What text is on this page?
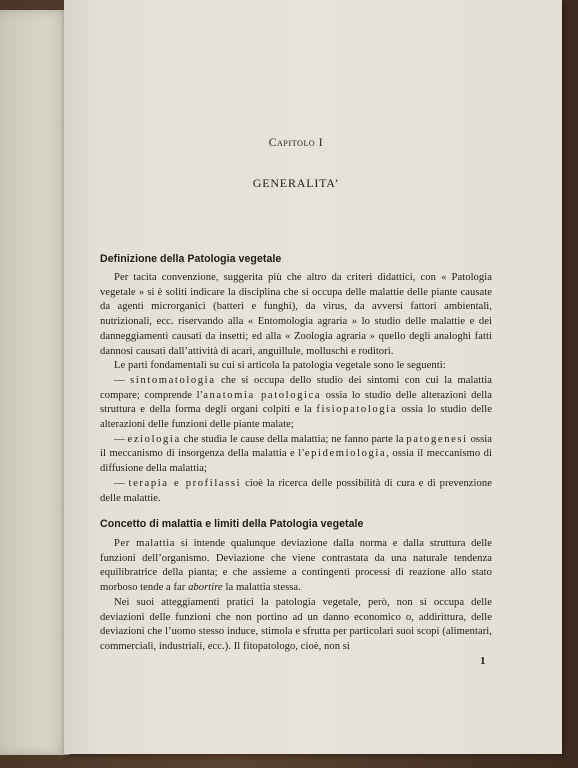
Capitolo I
GENERALITA’
Definizione della Patologia vegetale

Per tacita convenzione, suggerita più che altro da criteri didattici, con « Patologia vegetale » si è soliti indicare la disciplina che si occupa delle malattie delle piante causate da agenti microrganici (batteri e funghi), da virus, da avversi fattori ambientali, nutrizionali, ecc. riservando alla « Entomologia agraria » lo studio delle malattie e dei danneggiamenti causati da insetti; ed alla « Zoologia agraria » quello degli analoghi fatti dannosi causati dall’attività di acari, anguillule, molluschi e roditori.

Le parti fondamentali su cui si articola la patologia vegetale sono le seguenti:

— sintomatologia che si occupa dello studio dei sintomi con cui la malattia compare; comprende l’anatomia patologica ossia lo studio delle alterazioni della struttura e della forma degli organi colpiti e la fisiopatologia ossia lo studio delle alterazioni delle funzioni delle piante malate;

— eziologia che studia le cause della malattia; ne fanno parte la patogenesi ossia il meccanismo di insorgenza della malattia e l’epidemiologia, ossia il meccanismo di diffusione della malattia;

— terapia e profilassi cioè la ricerca delle possibilità di cura e di prevenzione delle malattie.

Concetto di malattia e limiti della Patologia vegetale

Per malattia si intende qualunque deviazione dalla norma e dalla struttura delle funzioni dell’organismo. Deviazione che viene contrastata da una naturale tendenza equilibratrice della pianta; e che assieme a contingenti processi di reazione allo stato morboso tende a far abortire la malattia stessa.

Nei suoi atteggiamenti pratici la patologia vegetale, però, non si occupa delle deviazioni delle funzioni che non portino ad un danno economico o, addirittura, delle deviazioni che l’uomo stesso induce, stimola e sfrutta per particolari suoi scopi (alimentari, commerciali, industriali, ecc.). Il fitopatologo, cioè, non si

1
